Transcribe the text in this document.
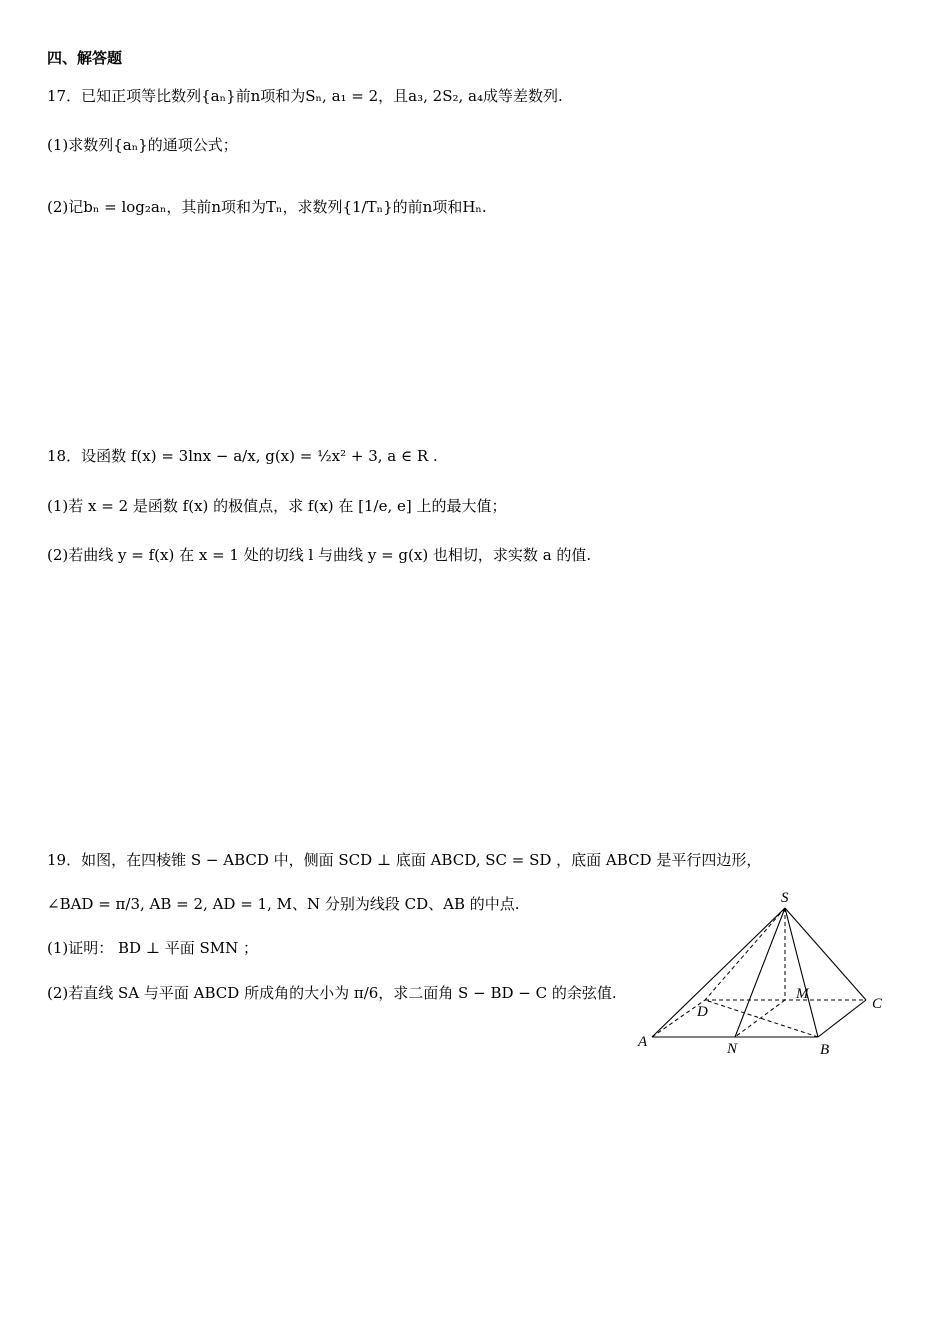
四、解答题
17．已知正项等比数列{aₙ}前n项和为Sₙ, a₁ = 2，且a₃, 2S₂, a₄成等差数列.
(1)求数列{aₙ}的通项公式；
(2)记bₙ = log₂aₙ，其前n项和为Tₙ，求数列{1/Tₙ}的前n项和Hₙ.
18．设函数 f(x) = 3lnx − a/x, g(x) = ½x² + 3, a ∈ R .
(1)若 x = 2 是函数 f(x) 的极值点，求 f(x) 在 [1/e, e] 上的最大值；
(2)若曲线 y = f(x) 在 x = 1 处的切线 l 与曲线 y = g(x) 也相切，求实数 a 的值.
19．如图，在四棱锥 S − ABCD 中，侧面 SCD ⊥ 底面 ABCD, SC = SD ，底面 ABCD 是平行四边形，
∠BAD = π/3, AB = 2, AD = 1, M、N 分别为线段 CD、AB 的中点.
(1)证明： BD ⊥ 平面 SMN ；
(2)若直线 SA 与平面 ABCD 所成角的大小为 π/6，求二面角 S − BD − C 的余弦值.
S
A	B
C
D
M
N
